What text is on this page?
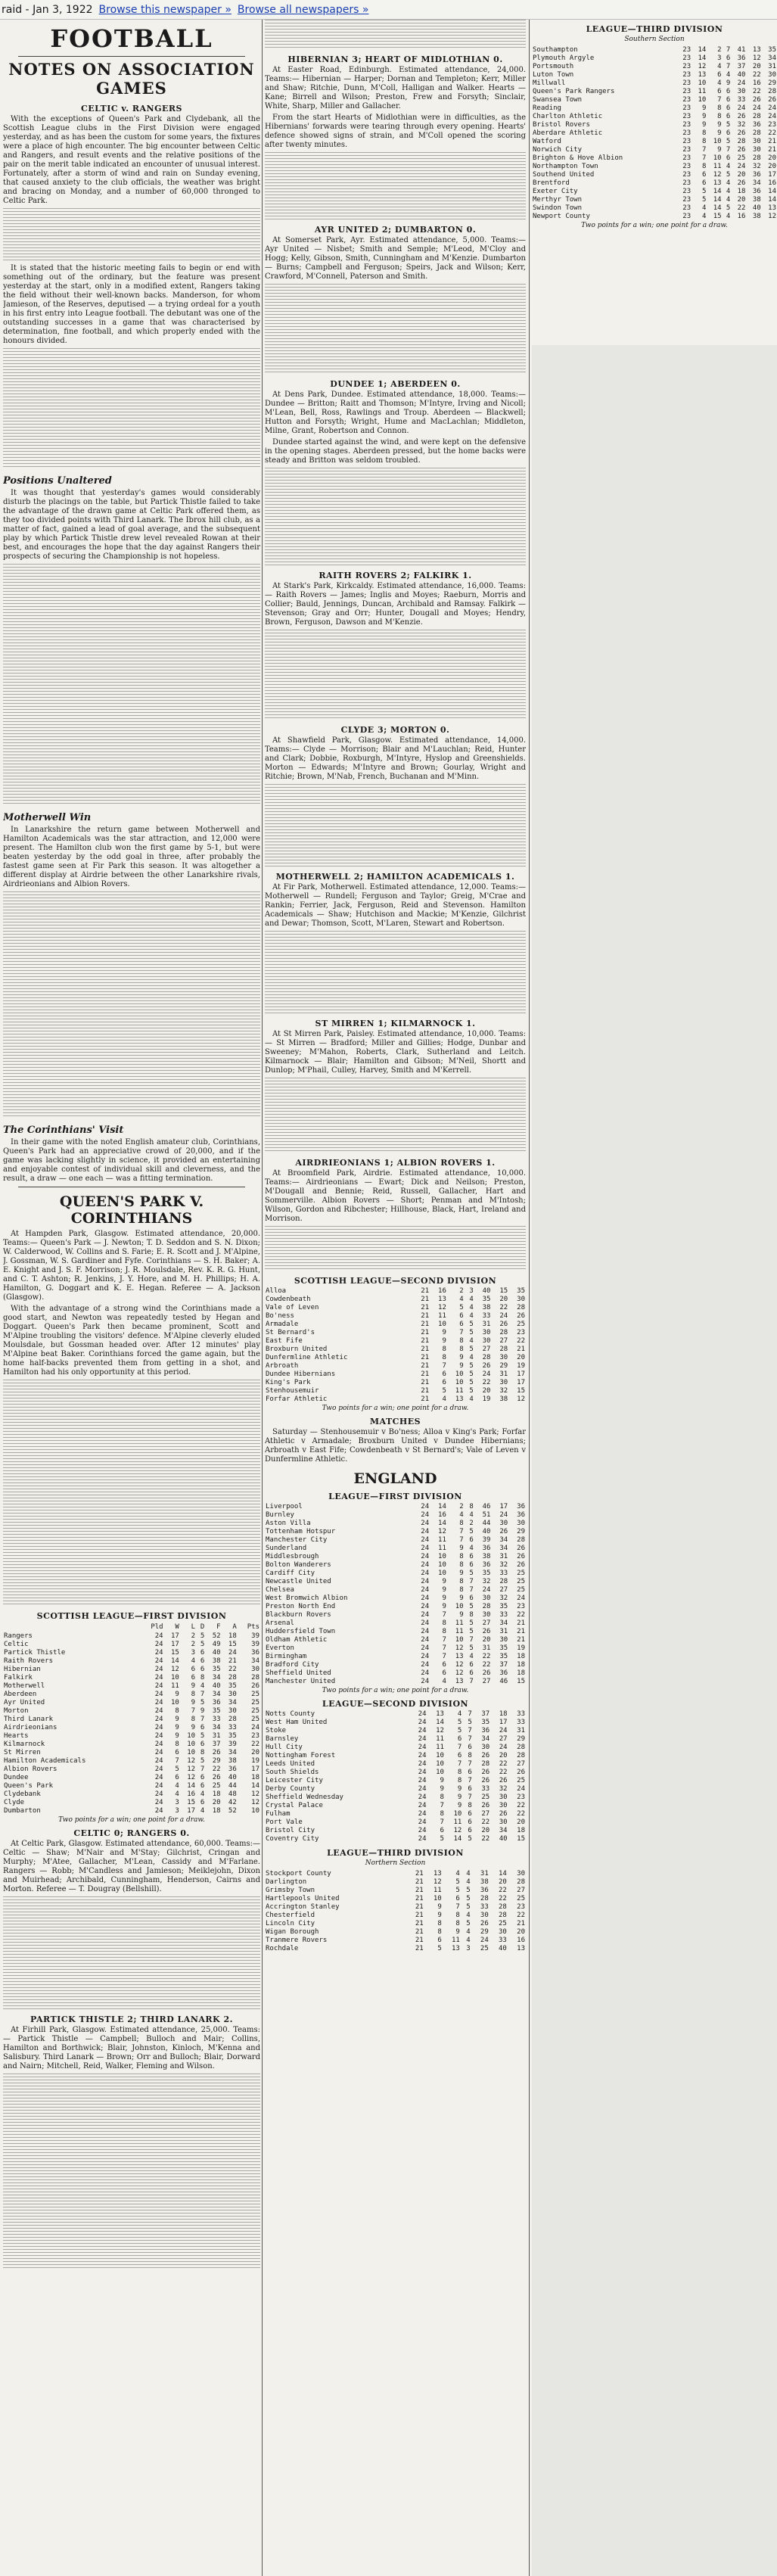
raid - Jan 3, 1922 Browse this newspaper » Browse all newspapers »
FOOTBALL
NOTES ON ASSOCIATION GAMES
CELTIC v. RANGERS

With the exceptions of Queen's Park and Clydebank, all the Scottish League clubs in the First Division were engaged yesterday, and as has been the custom for some years, the fixtures were a place of high encounter. The big encounter between Celtic and Rangers, and result events and the relative positions of the pair on the merit table indicated an encounter of unusual interest. Fortunately, after a storm of wind and rain on Sunday evening, that caused anxiety to the club officials, the weather was bright and bracing on Monday, and a number of 60,000 thronged to Celtic Park.

It is stated that the historic meeting fails to begin or end with something out of the ordinary, but the feature was present yesterday at the start, only in a modified extent, Rangers taking the field without their well-known backs. Manderson, for whom Jamieson, of the Reserves, deputised — a trying ordeal for a youth in his first entry into League football. The debutant was one of the outstanding successes in a game that was characterised by determination, fine football, and which properly ended with the honours divided.

Positions Unaltered

It was thought that yesterday's games would considerably disturb the placings on the table, but Partick Thistle failed to take the advantage of the drawn game at Celtic Park offered them, as they too divided points with Third Lanark. The Ibrox hill club, as a matter of fact, gained a lead of goal average, and the subsequent play by which Partick Thistle drew level revealed Rowan at their best, and encourages the hope that the day against Rangers their prospects of securing the Championship is not hopeless.

Motherwell Win

In Lanarkshire the return game between Motherwell and Hamilton Academicals was the star attraction, and 12,000 were present. The Hamilton club won the first game by 5-1, but were beaten yesterday by the odd goal in three, after probably the fastest game seen at Fir Park this season. It was altogether a different display at Airdrie between the other Lanarkshire rivals, Airdrieonians and Albion Rovers.

The Corinthians' Visit

In their game with the noted English amateur club, Corinthians, Queen's Park had an appreciative crowd of 20,000, and if the game was lacking slightly in science, it provided an entertaining and enjoyable contest of individual skill and cleverness, and the result, a draw — one each — was a fitting termination.

QUEEN'S PARK V. CORINTHIANS

At Hampden Park, Glasgow. Estimated attendance, 20,000. Teams:— Queen's Park — J. Newton; T. D. Seddon and S. N. Dixon; W. Calderwood, W. Collins and S. Farie; E. R. Scott and J. M'Alpine, J. Gossman, W. S. Gardiner and Fyfe. Corinthians — S. H. Baker; A. E. Knight and J. S. F. Morrison; J. R. Moulsdale, Rev. K. R. G. Hunt, and C. T. Ashton; R. Jenkins, J. Y. Hore, and M. H. Phillips; H. A. Hamilton, G. Doggart and K. E. Hegan. Referee — A. Jackson (Glasgow).

With the advantage of a strong wind the Corinthians made a good start, and Newton was repeatedly tested by Hegan and Doggart. Queen's Park then became prominent, Scott and M'Alpine troubling the visitors' defence. M'Alpine cleverly eluded Moulsdale, but Gossman headed over. After 12 minutes' play M'Alpine beat Baker. Corinthians forced the game again, but the home half-backs prevented them from getting in a shot, and Hamilton had his only opportunity at this period.

SCOTTISH LEAGUE—FIRST DIVISION
	Pld	W	L	D	F	A	Pts
Rangers	24	17	2	5	52	18	39
Celtic	24	17	2	5	49	15	39
Partick Thistle	24	15	3	6	40	24	36
Raith Rovers	24	14	4	6	38	21	34
Hibernian	24	12	6	6	35	22	30
Falkirk	24	10	6	8	34	28	28
Motherwell	24	11	9	4	40	35	26
Aberdeen	24	9	8	7	34	30	25
Ayr United	24	10	9	5	36	34	25
Morton	24	8	7	9	35	30	25
Third Lanark	24	9	8	7	33	28	25
Airdrieonians	24	9	9	6	34	33	24
Hearts	24	9	10	5	31	35	23
Kilmarnock	24	8	10	6	37	39	22
St Mirren	24	6	10	8	26	34	20
Hamilton Academicals	24	7	12	5	29	38	19
Albion Rovers	24	5	12	7	22	36	17
Dundee	24	6	12	6	26	40	18
Queen's Park	24	4	14	6	25	44	14
Clydebank	24	4	16	4	18	48	12
Clyde	24	3	15	6	20	42	12
Dumbarton	24	3	17	4	18	52	10
Two points for a win; one point for a draw.
CELTIC 0; RANGERS 0.

At Celtic Park, Glasgow. Estimated attendance, 60,000. Teams:— Celtic — Shaw; M'Nair and M'Stay; Gilchrist, Cringan and Murphy; M'Atee, Gallacher, M'Lean, Cassidy and M'Farlane. Rangers — Robb; M'Candless and Jamieson; Meiklejohn, Dixon and Muirhead; Archibald, Cunningham, Henderson, Cairns and Morton. Referee — T. Dougray (Bellshill).

PARTICK THISTLE 2; THIRD LANARK 2.

At Firhill Park, Glasgow. Estimated attendance, 25,000. Teams:— Partick Thistle — Campbell; Bulloch and Mair; Collins, Hamilton and Borthwick; Blair, Johnston, Kinloch, M'Kenna and Salisbury. Third Lanark — Brown; Orr and Bulloch; Blair, Dorward and Nairn; Mitchell, Reid, Walker, Fleming and Wilson.

HIBERNIAN 3; HEART OF MIDLOTHIAN 0.

At Easter Road, Edinburgh. Estimated attendance, 24,000. Teams:— Hibernian — Harper; Dornan and Templeton; Kerr, Miller and Shaw; Ritchie, Dunn, M'Coll, Halligan and Walker. Hearts — Kane; Birrell and Wilson; Preston, Frew and Forsyth; Sinclair, White, Sharp, Miller and Gallacher.

From the start Hearts of Midlothian were in difficulties, as the Hibernians' forwards were tearing through every opening. Hearts' defence showed signs of strain, and M'Coll opened the scoring after twenty minutes.

AYR UNITED 2; DUMBARTON 0.

At Somerset Park, Ayr. Estimated attendance, 5,000. Teams:— Ayr United — Nisbet; Smith and Semple; M'Leod, M'Cloy and Hogg; Kelly, Gibson, Smith, Cunningham and M'Kenzie. Dumbarton — Burns; Campbell and Ferguson; Speirs, Jack and Wilson; Kerr, Crawford, M'Connell, Paterson and Smith.

DUNDEE 1; ABERDEEN 0.

At Dens Park, Dundee. Estimated attendance, 18,000. Teams:— Dundee — Britton; Raitt and Thomson; M'Intyre, Irving and Nicoll; M'Lean, Bell, Ross, Rawlings and Troup. Aberdeen — Blackwell; Hutton and Forsyth; Wright, Hume and MacLachlan; Middleton, Milne, Grant, Robertson and Connon.

Dundee started against the wind, and were kept on the defensive in the opening stages. Aberdeen pressed, but the home backs were steady and Britton was seldom troubled.

RAITH ROVERS 2; FALKIRK 1.

At Stark's Park, Kirkcaldy. Estimated attendance, 16,000. Teams:— Raith Rovers — James; Inglis and Moyes; Raeburn, Morris and Collier; Bauld, Jennings, Duncan, Archibald and Ramsay. Falkirk — Stevenson; Gray and Orr; Hunter, Dougall and Moyes; Hendry, Brown, Ferguson, Dawson and M'Kenzie.

CLYDE 3; MORTON 0.

At Shawfield Park, Glasgow. Estimated attendance, 14,000. Teams:— Clyde — Morrison; Blair and M'Lauchlan; Reid, Hunter and Clark; Dobbie, Roxburgh, M'Intyre, Hyslop and Greenshields. Morton — Edwards; M'Intyre and Brown; Gourlay, Wright and Ritchie; Brown, M'Nab, French, Buchanan and M'Minn.

MOTHERWELL 2; HAMILTON ACADEMICALS 1.

At Fir Park, Motherwell. Estimated attendance, 12,000. Teams:— Motherwell — Rundell; Ferguson and Taylor; Greig, M'Crae and Rankin; Ferrier, Jack, Ferguson, Reid and Stevenson. Hamilton Academicals — Shaw; Hutchison and Mackie; M'Kenzie, Gilchrist and Dewar; Thomson, Scott, M'Laren, Stewart and Robertson.

ST MIRREN 1; KILMARNOCK 1.

At St Mirren Park, Paisley. Estimated attendance, 10,000. Teams:— St Mirren — Bradford; Miller and Gillies; Hodge, Dunbar and Sweeney; M'Mahon, Roberts, Clark, Sutherland and Leitch. Kilmarnock — Blair; Hamilton and Gibson; M'Neil, Shortt and Dunlop; M'Phail, Culley, Harvey, Smith and M'Kerrell.

AIRDRIEONIANS 1; ALBION ROVERS 1.

At Broomfield Park, Airdrie. Estimated attendance, 10,000. Teams:— Airdrieonians — Ewart; Dick and Neilson; Preston, M'Dougall and Bennie; Reid, Russell, Gallacher, Hart and Sommerville. Albion Rovers — Short; Penman and M'Intosh; Wilson, Gordon and Ribchester; Hillhouse, Black, Hart, Ireland and Morrison.

SCOTTISH LEAGUE—SECOND DIVISION
Alloa	21	16	2	3	40	15	35
Cowdenbeath	21	13	4	4	35	20	30
Vale of Leven	21	12	5	4	38	22	28
Bo'ness	21	11	6	4	33	24	26
Armadale	21	10	6	5	31	26	25
St Bernard's	21	9	7	5	30	28	23
East Fife	21	9	8	4	30	27	22
Broxburn United	21	8	8	5	27	28	21
Dunfermline Athletic	21	8	9	4	28	30	20
Arbroath	21	7	9	5	26	29	19
Dundee Hibernians	21	6	10	5	24	31	17
King's Park	21	6	10	5	22	30	17
Stenhousemuir	21	5	11	5	20	32	15
Forfar Athletic	21	4	13	4	19	38	12
Two points for a win; one point for a draw.
MATCHES

Saturday — Stenhousemuir v Bo'ness; Alloa v King's Park; Forfar Athletic v Armadale; Broxburn United v Dundee Hibernians; Arbroath v East Fife; Cowdenbeath v St Bernard's; Vale of Leven v Dunfermline Athletic.

ENGLAND
LEAGUE—FIRST DIVISION
Liverpool	24	14	2	8	46	17	36
Burnley	24	16	4	4	51	24	36
Aston Villa	24	14	8	2	44	30	30
Tottenham Hotspur	24	12	7	5	40	26	29
Manchester City	24	11	7	6	39	34	28
Sunderland	24	11	9	4	36	34	26
Middlesbrough	24	10	8	6	38	31	26
Bolton Wanderers	24	10	8	6	36	32	26
Cardiff City	24	10	9	5	35	33	25
Newcastle United	24	9	8	7	32	28	25
Chelsea	24	9	8	7	24	27	25
West Bromwich Albion	24	9	9	6	30	32	24
Preston North End	24	9	10	5	28	35	23
Blackburn Rovers	24	7	9	8	30	33	22
Arsenal	24	8	11	5	27	34	21
Huddersfield Town	24	8	11	5	26	31	21
Oldham Athletic	24	7	10	7	20	30	21
Everton	24	7	12	5	31	35	19
Birmingham	24	7	13	4	22	35	18
Bradford City	24	6	12	6	22	37	18
Sheffield United	24	6	12	6	26	36	18
Manchester United	24	4	13	7	27	46	15
Two points for a win; one point for a draw.
LEAGUE—SECOND DIVISION
Notts County	24	13	4	7	37	18	33
West Ham United	24	14	5	5	35	17	33
Stoke	24	12	5	7	36	24	31
Barnsley	24	11	6	7	34	27	29
Hull City	24	11	7	6	30	24	28
Nottingham Forest	24	10	6	8	26	20	28
Leeds United	24	10	7	7	28	22	27
South Shields	24	10	8	6	26	22	26
Leicester City	24	9	8	7	26	26	25
Derby County	24	9	9	6	33	32	24
Sheffield Wednesday	24	8	9	7	25	30	23
Crystal Palace	24	7	9	8	26	30	22
Fulham	24	8	10	6	27	26	22
Port Vale	24	7	11	6	22	30	20
Bristol City	24	6	12	6	20	34	18
Coventry City	24	5	14	5	22	40	15
LEAGUE—THIRD DIVISION
Northern Section
Stockport County	21	13	4	4	31	14	30
Darlington	21	12	5	4	38	20	28
Grimsby Town	21	11	5	5	36	22	27
Hartlepools United	21	10	6	5	28	22	25
Accrington Stanley	21	9	7	5	33	28	23
Chesterfield	21	9	8	4	30	28	22
Lincoln City	21	8	8	5	26	25	21
Wigan Borough	21	8	9	4	29	30	20
Tranmere Rovers	21	6	11	4	24	33	16
Rochdale	21	5	13	3	25	40	13
LEAGUE—THIRD DIVISION
Southern Section
Southampton	23	14	2	7	41	13	35
Plymouth Argyle	23	14	3	6	36	12	34
Portsmouth	23	12	4	7	37	20	31
Luton Town	23	13	6	4	40	22	30
Millwall	23	10	4	9	24	16	29
Queen's Park Rangers	23	11	6	6	30	22	28
Swansea Town	23	10	7	6	33	26	26
Reading	23	9	8	6	24	24	24
Charlton Athletic	23	9	8	6	26	28	24
Bristol Rovers	23	9	9	5	32	36	23
Aberdare Athletic	23	8	9	6	26	28	22
Watford	23	8	10	5	28	30	21
Norwich City	23	7	9	7	26	30	21
Brighton & Hove Albion	23	7	10	6	25	28	20
Northampton Town	23	8	11	4	24	32	20
Southend United	23	6	12	5	20	36	17
Brentford	23	6	13	4	26	34	16
Exeter City	23	5	14	4	18	36	14
Merthyr Town	23	5	14	4	20	38	14
Swindon Town	23	4	14	5	22	40	13
Newport County	23	4	15	4	16	38	12
Two points for a win; one point for a draw.
